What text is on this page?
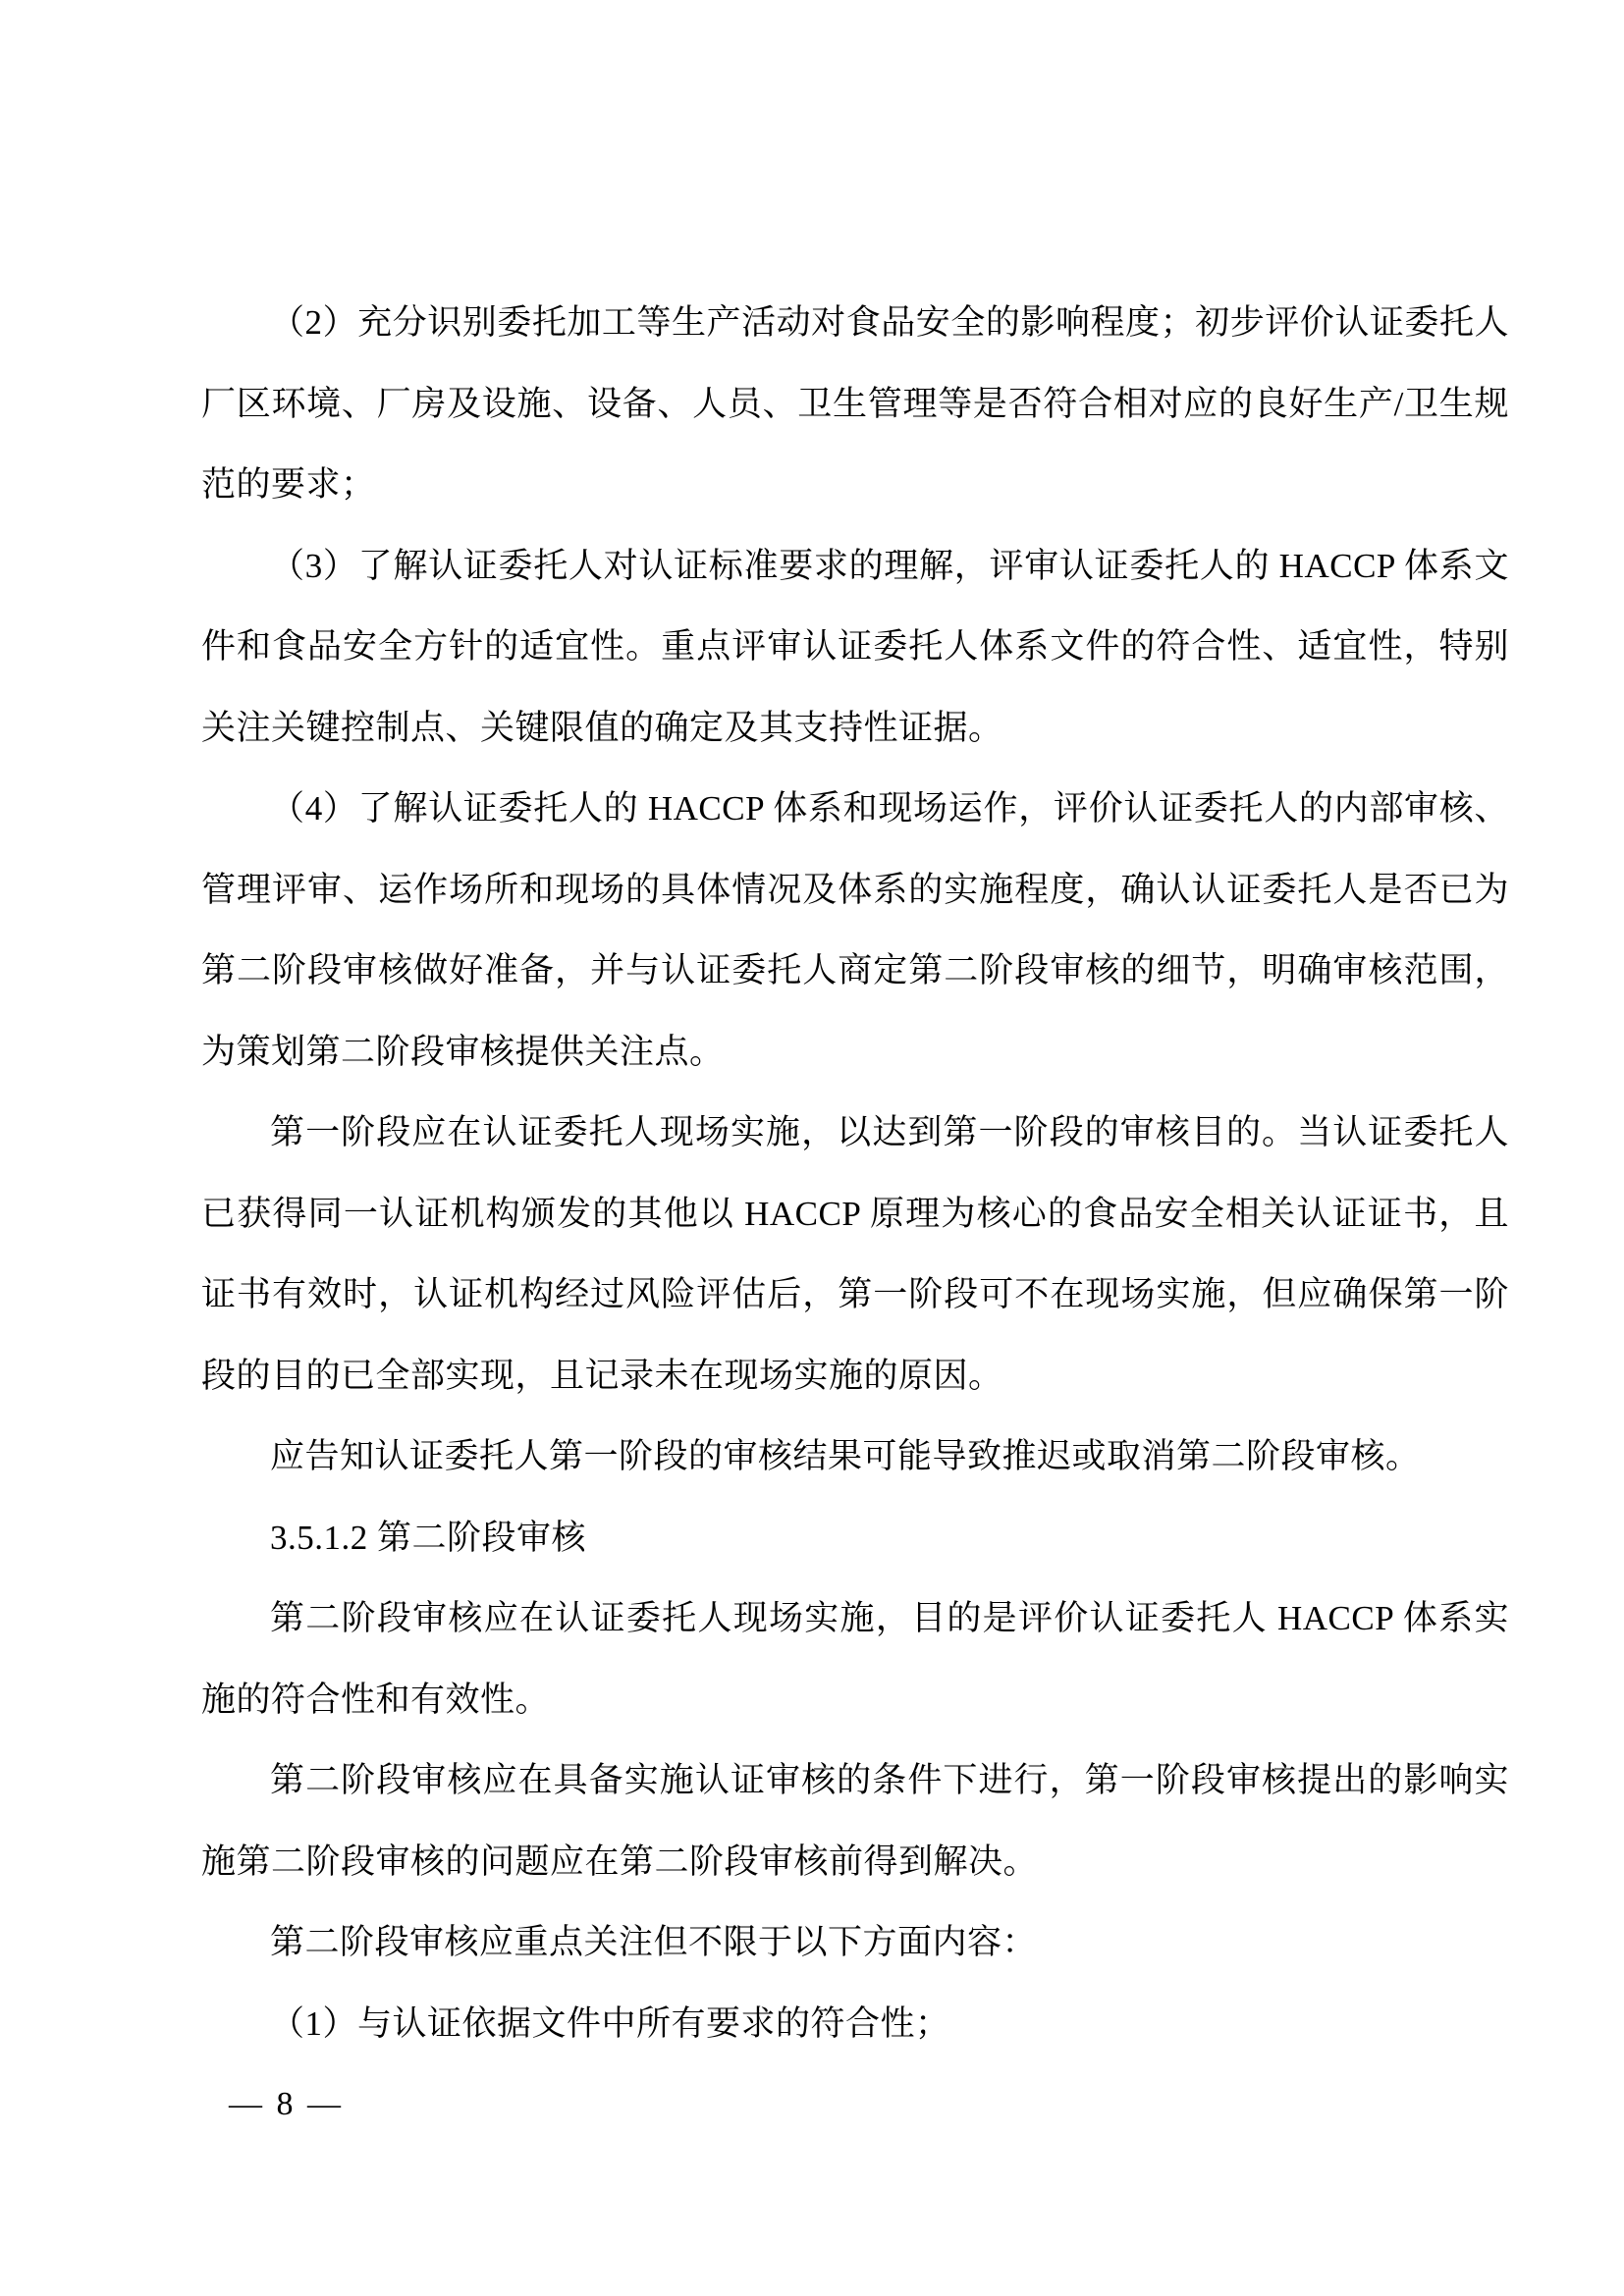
（2）充分识别委托加工等生产活动对食品安全的影响程度；初步评价认证委托人厂区环境、厂房及设施、设备、人员、卫生管理等是否符合相对应的良好生产/卫生规范的要求；

（3）了解认证委托人对认证标准要求的理解，评审认证委托人的 HACCP 体系文件和食品安全方针的适宜性。重点评审认证委托人体系文件的符合性、适宜性，特别关注关键控制点、关键限值的确定及其支持性证据。

（4）了解认证委托人的 HACCP 体系和现场运作，评价认证委托人的内部审核、管理评审、运作场所和现场的具体情况及体系的实施程度，确认认证委托人是否已为第二阶段审核做好准备，并与认证委托人商定第二阶段审核的细节，明确审核范围，为策划第二阶段审核提供关注点。

第一阶段应在认证委托人现场实施，以达到第一阶段的审核目的。当认证委托人已获得同一认证机构颁发的其他以 HACCP 原理为核心的食品安全相关认证证书，且证书有效时，认证机构经过风险评估后，第一阶段可不在现场实施，但应确保第一阶段的目的已全部实现，且记录未在现场实施的原因。

应告知认证委托人第一阶段的审核结果可能导致推迟或取消第二阶段审核。

3.5.1.2 第二阶段审核

第二阶段审核应在认证委托人现场实施，目的是评价认证委托人 HACCP 体系实施的符合性和有效性。

第二阶段审核应在具备实施认证审核的条件下进行，第一阶段审核提出的影响实施第二阶段审核的问题应在第二阶段审核前得到解决。

第二阶段审核应重点关注但不限于以下方面内容：

（1）与认证依据文件中所有要求的符合性；

— 8 —
